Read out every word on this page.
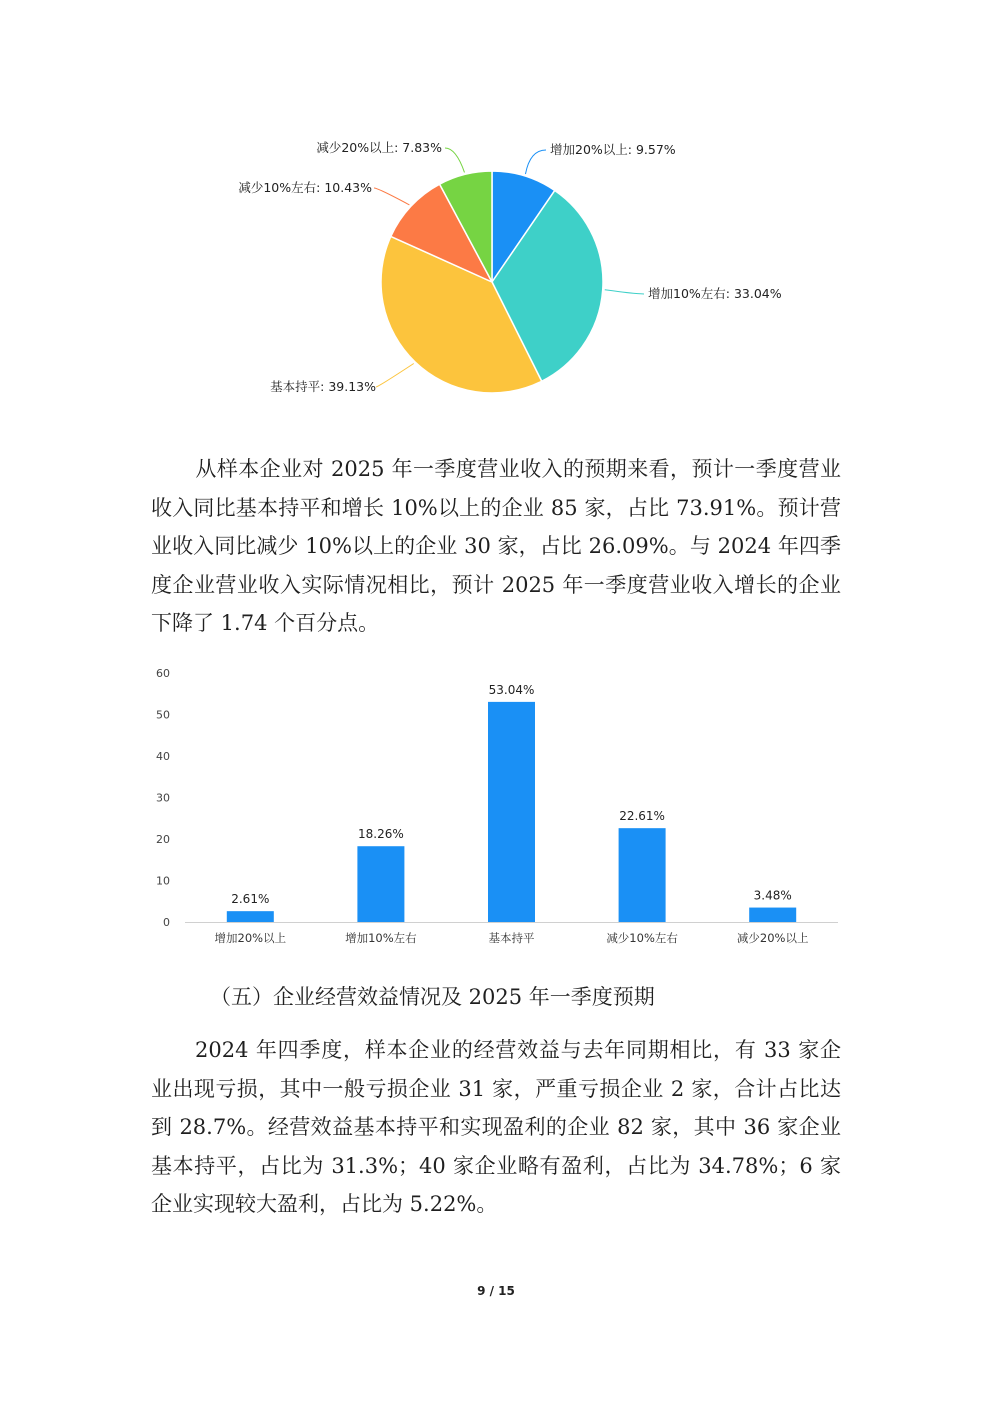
增加20%以上: 9.57%
增加10%左右: 33.04%
基本持平: 39.13%
减少10%左右: 10.43%
减少20%以上: 7.83%
从样本企业对 2025 年一季度营业收入的预期来看，预计一季度营业收入同比基本持平和增长 10%以上的企业 85 家，占比 73.91%。预计营业收入同比减少 10%以上的企业 30 家，占比 26.09%。与 2024 年四季度企业营业收入实际情况相比，预计 2025 年一季度营业收入增长的企业下降了 1.74 个百分点。
0
10
20
30
40
50
60
增加20%以上	增加10%左右	基本持平	减少10%左右	减少20%以上
2.61%
18.26%
53.04%
22.61%
3.48%
（五）企业经营效益情况及 2025 年一季度预期
2024 年四季度，样本企业的经营效益与去年同期相比，有 33 家企业出现亏损，其中一般亏损企业 31 家，严重亏损企业 2 家，合计占比达到 28.7%。经营效益基本持平和实现盈利的企业 82 家，其中 36 家企业基本持平，占比为 31.3%；40 家企业略有盈利，占比为 34.78%；6 家企业实现较大盈利，占比为 5.22%。
9 / 15
